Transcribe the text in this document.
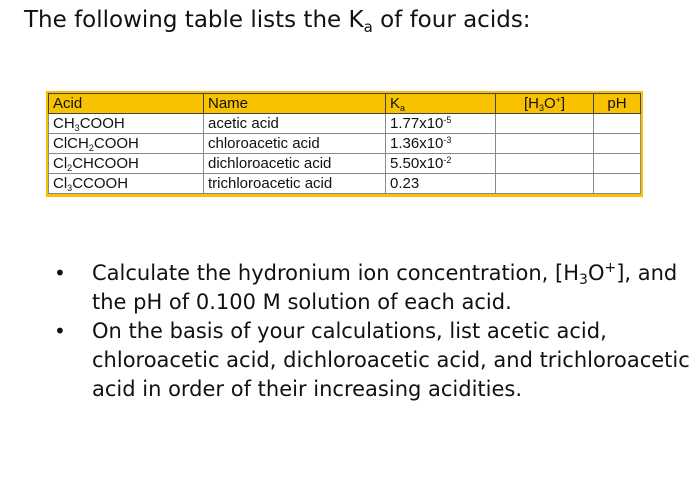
The following table lists the $K_a$ of four acids:
Acid	Name	$K_a$	$[H_3O^+]$	pH
$CH_3COOH$	acetic acid	$1.77x10^{-5}$		
ClCH$_2$COOH	chloroacetic acid	$1.36x10^{-3}$		
$Cl_2CHCOOH$	dichloroacetic acid	$5.50x10^{-2}$		
$Cl_3CCOOH$	trichloroacetic acid	0.23		
• Calculate the hydronium ion concentration, $[H_3O^+]$, and the pH of 0.100 M solution of each acid.
• On the basis of your calculations, list acetic acid, chloroacetic acid, dichloroacetic acid, and trichloroacetic acid in order of their increasing acidities.
